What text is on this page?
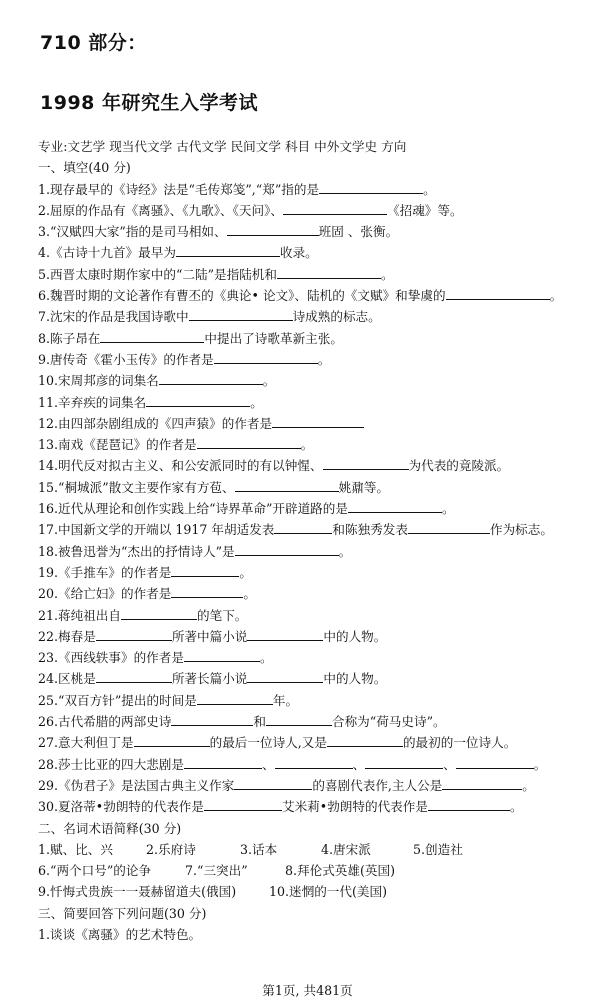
710 部分：
1998 年研究生入学考试
专业:文艺学 现当代文学 古代文学 民间文学 科目 中外文学史 方向
一、填空(40 分)
1.现存最早的《诗经》法是“毛传郑笺”,“郑”指的是	。
2.屈原的作品有《离骚》、《九歌》、《天问》、	《招魂》等。
3.“汉赋四大家”指的是司马相如、	班固 、张衡。
4.《古诗十九首》最早为	收录。
5.西晋太康时期作家中的“二陆”是指陆机和	。
6.魏晋时期的文论著作有曹丕的《典论• 论文》、陆机的《文赋》和挚虞的	。
7.沈宋的作品是我国诗歌中	诗成熟的标志。
8.陈子昂在	中提出了诗歌革新主张。
9.唐传奇《霍小玉传》的作者是	。
10.宋周邦彦的词集名	。
11.辛弃疾的词集名	。
12.由四部杂剧组成的《四声猿》的作者是
13.南戏《琵琶记》的作者是	。
14.明代反对拟古主义、和公安派同时的有以钟惺、	为代表的竟陵派。
15.“桐城派”散文主要作家有方苞、	姚鼐等。
16.近代从理论和创作实践上给“诗界革命”开辟道路的是	。
17.中国新文学的开端以 1917 年胡适发表	和陈独秀发表	作为标志。
18.被鲁迅誉为“杰出的抒情诗人”是	。
19.《手推车》的作者是	。
20.《给亡妇》的作者是	。
21.蒋纯祖出自	的笔下。
22.梅春是	所著中篇小说	中的人物。
23.《西线轶事》的作者是	。
24.区桃是	所著长篇小说	中的人物。
25.“双百方针”提出的时间是	年。
26.古代希腊的两部史诗	和	合称为“荷马史诗”。
27.意大利但丁是	的最后一位诗人,又是	的最初的一位诗人。
28.莎士比亚的四大悲剧是	、	、	、	。
29.《伪君子》是法国古典主义作家	的喜剧代表作,主人公是	。
30.夏洛蒂•勃朗特的代表作是	艾米莉•勃朗特的代表作是	。
二、名词术语简释(30 分)
1.赋、比、兴	2.乐府诗	3.话本	4.唐宋派	5.创造社
6.“两个口号”的论争	7.“三突出”	8.拜伦式英雄(英国)
9.忏悔式贵族一一聂赫留道夫(俄国)	10.迷惘的一代(美国)
三、简要回答下列问题(30 分)
1.谈谈《离骚》的艺术特色。
第1页, 共481页
